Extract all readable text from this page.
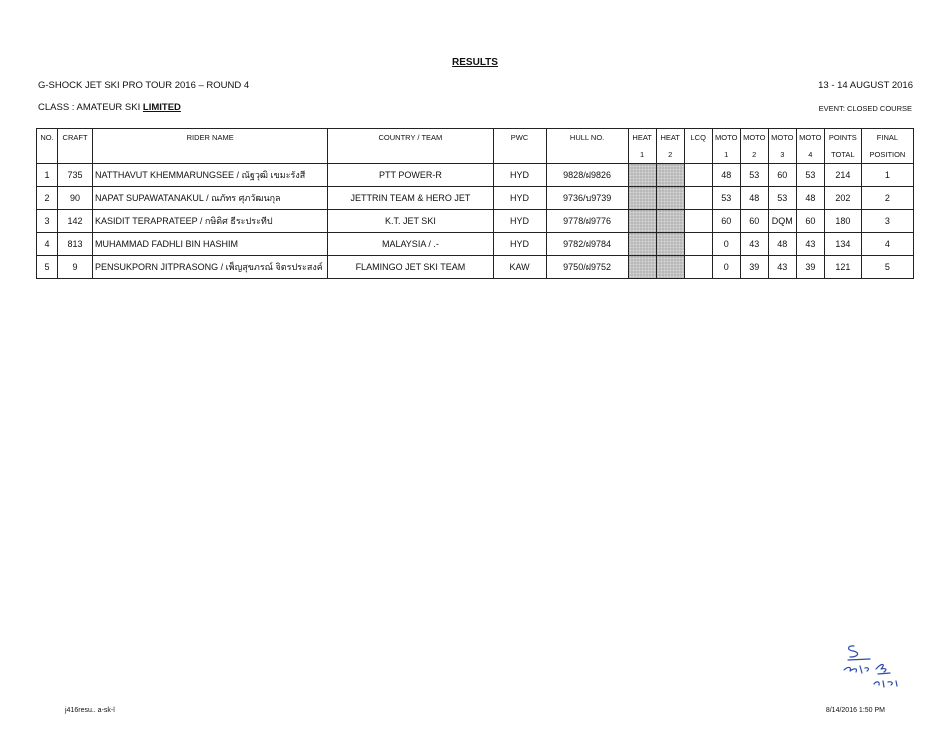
RESULTS
G-SHOCK JET SKI PRO TOUR 2016 – ROUND 4	13 - 14 AUGUST 2016
CLASS : AMATEUR SKI LIMITED	EVENT: CLOSED COURSE
NO.	CRAFT	RIDER NAME	COUNTRY / TEAM	PWC	HULL NO.	HEAT	HEAT	LCQ	MOTO	MOTO	MOTO	MOTO	POINTS	FINAL
						1	2		1	2	3	4	TOTAL	POSITION
1	735	NATTHAVUT KHEMMARUNGSEE / ณัฐวุฒิ เขมะรังสี	PTT POWER-R	HYD	9828/ฝ9826				48	53	60	53	214	1
2	90	NAPAT SUPAWATANAKUL / ณภัทร ศุภวัฒนกุล	JETTRIN TEAM & HERO JET	HYD	9736/บ9739				53	48	53	48	202	2
3	142	KASIDIT TERAPRATEEP / กษิดิศ ธีระประทีป	K.T. JET SKI	HYD	9778/ฝ9776				60	60	DQM	60	180	3
4	813	MUHAMMAD FADHLI BIN HASHIM	MALAYSIA / .-	HYD	9782/ฝ9784				0	43	48	43	134	4
5	9	PENSUKPORN JITPRASONG / เพ็ญสุขภรณ์ จิตรประสงค์	FLAMINGO JET SKI TEAM	KAW	9750/ฝ9752				0	39	43	39	121	5
j416resu.. a-sk-l	8/14/2016 1:50 PM
